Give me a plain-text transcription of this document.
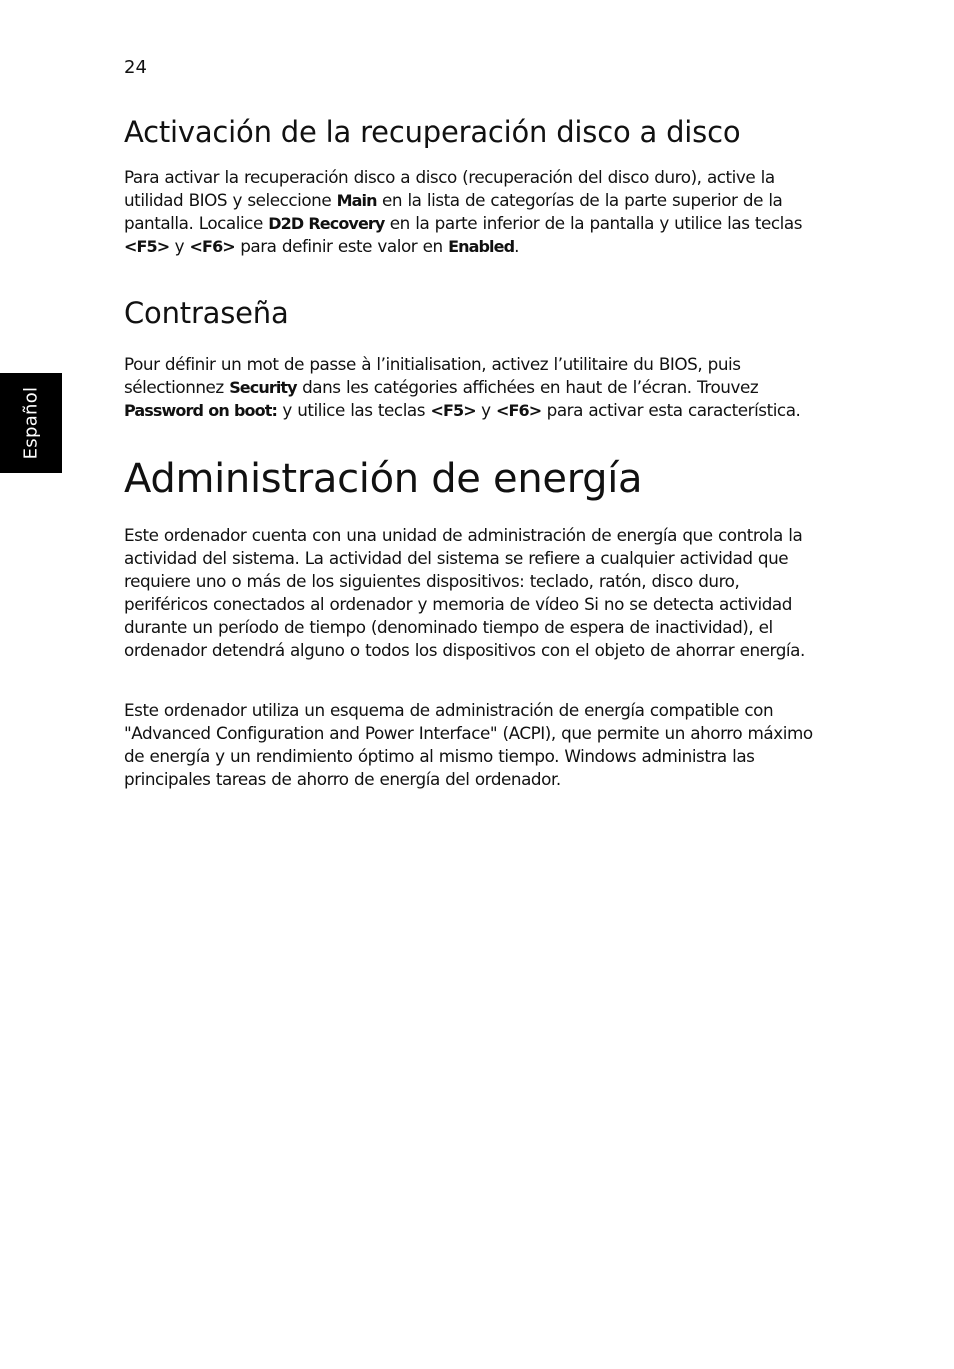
24
Español
Activación de la recuperación disco a disco

Para activar la recuperación disco a disco (recuperación del disco duro), active la utilidad BIOS y seleccione Main en la lista de categorías de la parte superior de la pantalla. Localice D2D Recovery en la parte inferior de la pantalla y utilice las teclas <F5> y <F6> para definir este valor en Enabled.

Contraseña

Pour définir un mot de passe à l’initialisation, activez l’utilitaire du BIOS, puis sélectionnez Security dans les catégories affichées en haut de l’écran. Trouvez Password on boot: y utilice las teclas <F5> y <F6> para activar esta característica.

Administración de energía

Este ordenador cuenta con una unidad de administración de energía que controla la actividad del sistema. La actividad del sistema se refiere a cualquier actividad que requiere uno o más de los siguientes dispositivos: teclado, ratón, disco duro, periféricos conectados al ordenador y memoria de vídeo Si no se detecta actividad durante un período de tiempo (denominado tiempo de espera de inactividad), el ordenador detendrá alguno o todos los dispositivos con el objeto de ahorrar energía.

Este ordenador utiliza un esquema de administración de energía compatible con "Advanced Configuration and Power Interface" (ACPI), que permite un ahorro máximo de energía y un rendimiento óptimo al mismo tiempo. Windows administra las principales tareas de ahorro de energía del ordenador.
